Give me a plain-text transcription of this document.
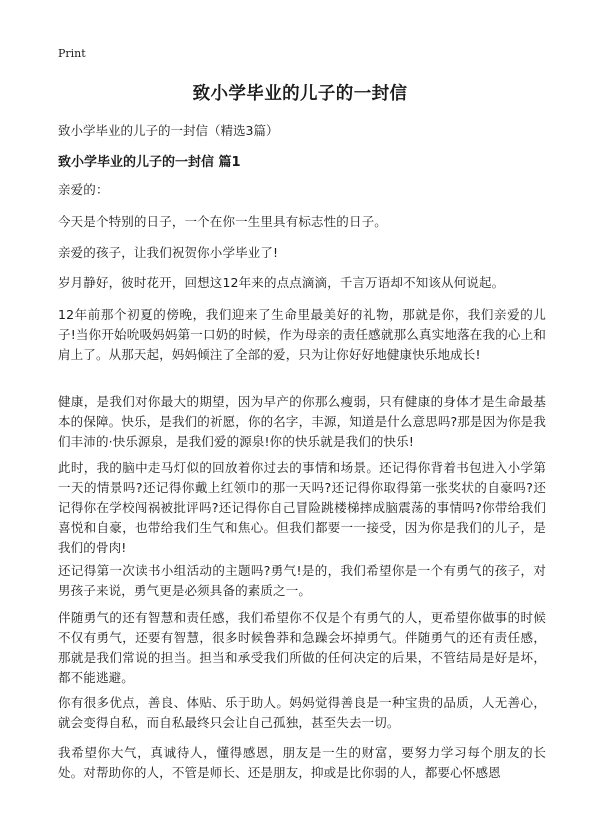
Print
致小学毕业的儿子的一封信

致小学毕业的儿子的一封信（精选3篇）

致小学毕业的儿子的一封信 篇1

亲爱的：

今天是个特别的日子，一个在你一生里具有标志性的日子。

亲爱的孩子，让我们祝贺你小学毕业了!

岁月静好，彼时花开，回想这12年来的点点滴滴，千言万语却不知该从何说起。

12年前那个初夏的傍晚，我们迎来了生命里最美好的礼物，那就是你，我们亲爱的儿子!当你开始吮吸妈妈第一口奶的时候，作为母亲的责任感就那么真实地落在我的心上和肩上了。从那天起，妈妈倾注了全部的爱，只为让你好好地健康快乐地成长!

健康，是我们对你最大的期望，因为早产的你那么瘦弱，只有健康的身体才是生命最基本的保障。快乐，是我们的祈愿，你的名字，丰源，知道是什么意思吗?那是因为你是我们丰沛的·快乐源泉，是我们爱的源泉!你的快乐就是我们的快乐!

此时，我的脑中走马灯似的回放着你过去的事情和场景。还记得你背着书包进入小学第一天的情景吗?还记得你戴上红领巾的那一天吗?还记得你取得第一张奖状的自豪吗?还记得你在学校闯祸被批评吗?还记得你自己冒险跳楼梯摔成脑震荡的事情吗?你带给我们喜悦和自豪，也带给我们生气和焦心。但我们都要一一接受，因为你是我们的儿子，是我们的骨肉!

还记得第一次读书小组活动的主题吗?勇气!是的，我们希望你是一个有勇气的孩子，对男孩子来说，勇气更是必须具备的素质之一。

伴随勇气的还有智慧和责任感，我们希望你不仅是个有勇气的人，更希望你做事的时候不仅有勇气，还要有智慧，很多时候鲁莽和急躁会坏掉勇气。伴随勇气的还有责任感，那就是我们常说的担当。担当和承受我们所做的任何决定的后果，不管结局是好是坏，都不能逃避。

你有很多优点，善良、体贴、乐于助人。妈妈觉得善良是一种宝贵的品质，人无善心，就会变得自私，而自私最终只会让自己孤独，甚至失去一切。

我希望你大气，真诚待人，懂得感恩，朋友是一生的财富，要努力学习每个朋友的长处。对帮助你的人，不管是师长、还是朋友，抑或是比你弱的人，都要心怀感恩
